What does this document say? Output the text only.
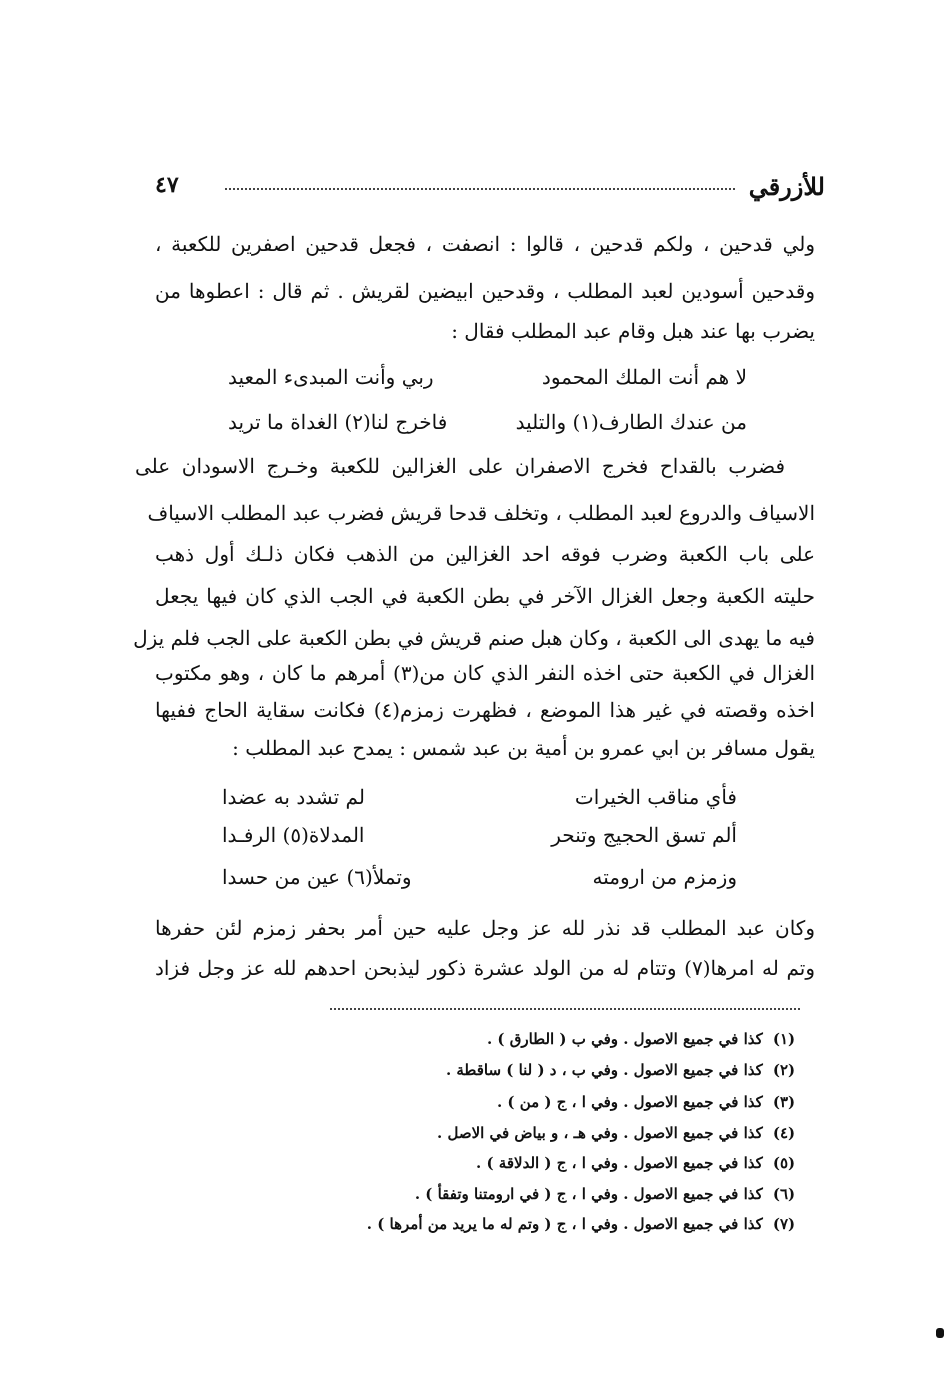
للأزرقي
٤٧
ولي قدحين ، ولكم قدحين ، قالوا : انصفت ، فجعل قدحين اصفرين للكعبة ،
وقدحين أسودين لعبد المطلب ، وقدحين ابيضين لقريش . ثم قال : اعطوها من
يضرب بها عند هبل وقام عبد المطلب فقال :
لا هم أنت الملك المحمود
ربي وأنت المبدىء المعيد
من عندك الطارف(١) والتليد
فاخرج لنا(٢) الغداة ما تريد
فضرب بالقداح فخرج الاصفران على الغزالين للكعبة وخـرج الاسودان على
الاسياف والدروع لعبد المطلب ، وتخلف قدحا قريش فضرب عبد المطلب الاسياف
على باب الكعبة وضرب فوقه احد الغزالين من الذهب فكان ذلـك أول ذهب
حليته الكعبة وجعل الغزال الآخر في بطن الكعبة في الجب الذي كان فيها يجعل
فيه ما يهدى الى الكعبة ، وكان هبل صنم قريش في بطن الكعبة على الجب فلم يزل
الغزال في الكعبة حتى اخذه النفر الذي كان من(٣) أمرهم ما كان ، وهو مكتوب
اخذه وقصته في غير هذا الموضع ، فظهرت زمزم(٤) فكانت سقاية الحاج ففيها
يقول مسافر بن ابي عمرو بن أمية بن عبد شمس : يمدح عبد المطلب :
فأي مناقب الخيرات
لم تشدد به عضدا
ألم تسق الحجيج وتنحر
المدلاة(٥) الرفـدا
وزمزم من ارومته
وتملأ(٦) عين من حسدا
وكان عبد المطلب قد نذر لله عز وجل عليه حين أمر بحفر زمزم لئن حفرها
وتم له امرها(٧) وتتام له من الولد عشرة ذكور ليذبحن احدهم لله عز وجل فزاد
(١) كذا في جميع الاصول . وفي ب ( الطارق ) .
(٢) كذا في جميع الاصول . وفي ب ، د ( لنا ) ساقطة .
(٣) كذا في جميع الاصول . وفي ا ، ج ( من ) .
(٤) كذا في جميع الاصول . وفي هـ ، و بياض في الاصل .
(٥) كذا في جميع الاصول . وفي ا ، ج ( الدلاقة ) .
(٦) كذا في جميع الاصول . وفي ا ، ج ( في ارومتنا وتفقأ ) .
(٧) كذا في جميع الاصول . وفي ا ، ج ( وتم له ما يريد من أمرها ) .
